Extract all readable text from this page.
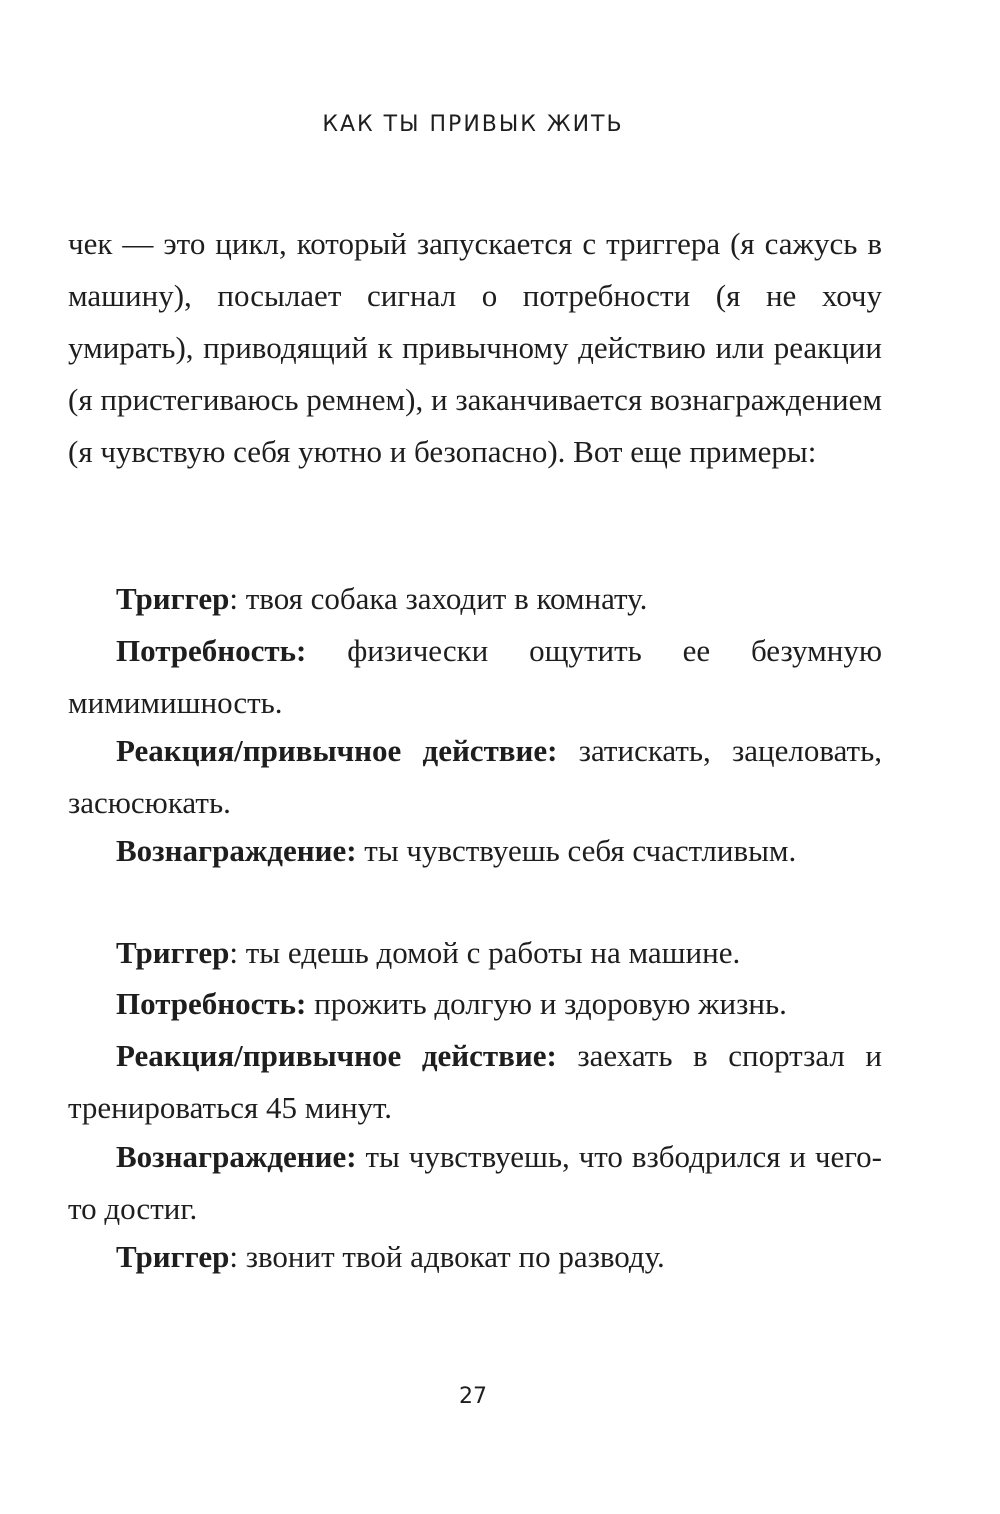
КАК ТЫ ПРИВЫК ЖИТЬ

чек — это цикл, который запускается с триггера (я сажусь в машину), посылает сигнал о потребности (я не хочу умирать), приводящий к привычному действию или реакции (я пристегиваюсь ремнем), и заканчивается вознаграждением (я чувствую себя уютно и безопасно). Вот еще примеры:

Триггер: твоя собака заходит в комнату.

Потребность: физически ощутить ее безумную мимимишность.

Реакция/привычное действие: затискать, зацеловать, засюсюкать.

Вознаграждение: ты чувствуешь себя счастливым.

Триггер: ты едешь домой с работы на машине.

Потребность: прожить долгую и здоровую жизнь.

Реакция/привычное действие: заехать в спортзал и тренироваться 45 минут.

Вознаграждение: ты чувствуешь, что взбодрился и чего-то достиг.

Триггер: звонит твой адвокат по разводу.

27
